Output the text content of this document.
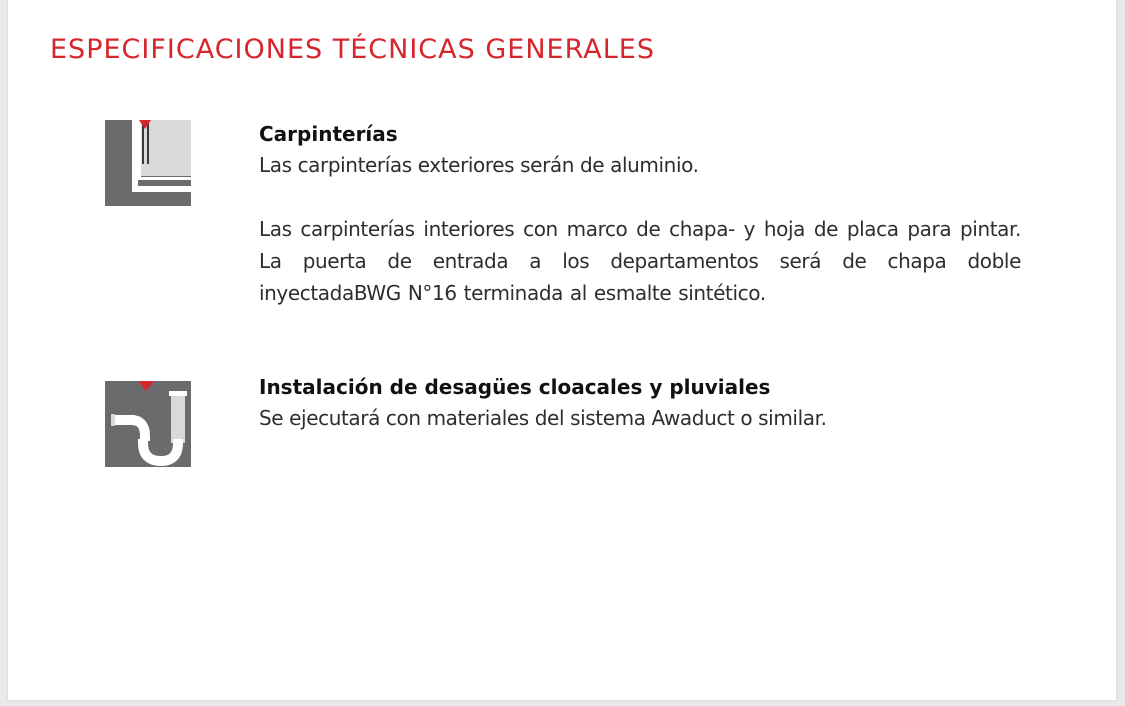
ESPECIFICACIONES TÉCNICAS GENERALES
Carpinterías

Las carpinterías exteriores serán de aluminio.

Las carpinterías interiores con marco de chapa- y hoja de placa para pintar. La puerta de entrada a los departamentos será de chapa doble inyectadaBWG N°16 terminada al esmalte sintético.

Instalación de desagües cloacales y pluviales

Se ejecutará con materiales del sistema Awaduct o similar.
